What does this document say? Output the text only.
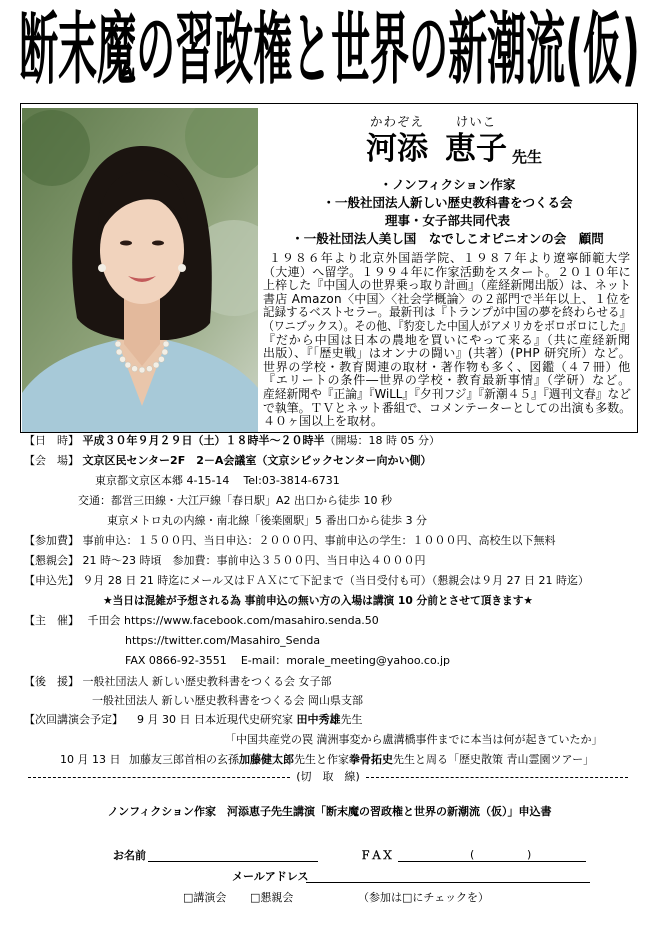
断末魔の習政権と世界の新潮流(仮)
かわぞえ
河添
けいこ
恵子 先生
・ノンフィクション作家
・一般社団法人新しい歴史教科書をつくる会
理事・女子部共同代表
・一般社団法人美し国　なでしこオピニオンの会　顧問
１９８６年より北京外国語学院、１９８７年より遼寧師範大学
（大連）へ留学。１９９４年に作家活動をスタート。２０１０年に
上梓した『中国人の世界乗っ取り計画』（産経新聞出版）は、ネット
書店 Amazon〈中国〉〈社会学概論〉の２部門で半年以上、１位を
記録するベストセラー。最新刊は『トランプが中国の夢を終わらせる』
（ワニブックス）。その他、『豹変した中国人がアメリカをボロボロにした』
『だから中国は日本の農地を買いにやって来る』（共に産経新聞
出版）、『「歴史戦」はオンナの闘い』(共著）(PHP 研究所）など。
世界の学校・教育関連の取材・著作物も多く、図鑑（４７冊）他
『エリートの条件―世界の学校・教育最新事情』（学研）など。
産経新聞や『正論』『WiLL』『夕刊フジ』『新潮４５』『週刊文春』など
で執筆。ＴＶとネット番組で、コメンテーターとしての出演も多数。
４０ヶ国以上を取材。
【日　時】 平成３０年９月２９日（土）１８時半～２０時半（開場：18 時 05 分）
【会　場】 文京区民センター2F　2－A会議室（文京シビックセンター向かい側）
東京都文京区本郷 4-15-14 Tel:03-3814-6731
交通：都営三田線・大江戸線「春日駅」A2 出口から徒歩 10 秒
東京メトロ丸の内線・南北線「後楽園駅」5 番出口から徒歩 3 分
【参加費】 事前申込：１５００円、当日申込：２０００円、事前申込の学生：１０００円、高校生以下無料
【懇親会】 21 時～23 時頃　参加費：事前申込３５００円、当日申込４０００円
【申込先】 ９月 28 日 21 時迄にメール又はＦＡＸにて下記まで（当日受付も可）（懇親会は９月 27 日 21 時迄）
★当日は混雑が予想される為 事前申込の無い方の入場は講演 10 分前とさせて頂きます★
【主　催】 千田会 https://www.facebook.com/masahiro.senda.50
https://twitter.com/Masahiro_Senda
FAX 0866-92-3551 E-mail：morale_meeting@yahoo.co.jp
【後　援】 一般社団法人 新しい歴史教科書をつくる会 女子部
一般社団法人 新しい歴史教科書をつくる会 岡山県支部
【次回講演会予定】 9 月 30 日 日本近現代史研究家 田中秀雄先生
「中国共産党の罠 満洲事変から盧溝橋事件までに本当は何が起きていたか」
10 月 13 日 加藤友三郎首相の玄孫加藤健太郎先生と作家拳骨拓史先生と周る「歴史散策 青山霊園ツアー」
(切　取　線)
ノンフィクション作家　河添恵子先生講演「断末魔の習政権と世界の新潮流（仮）」申込書
お名前	ＦＡＸ	(	)
メールアドレス
□講演会 □懇親会	（参加は□にチェックを）
